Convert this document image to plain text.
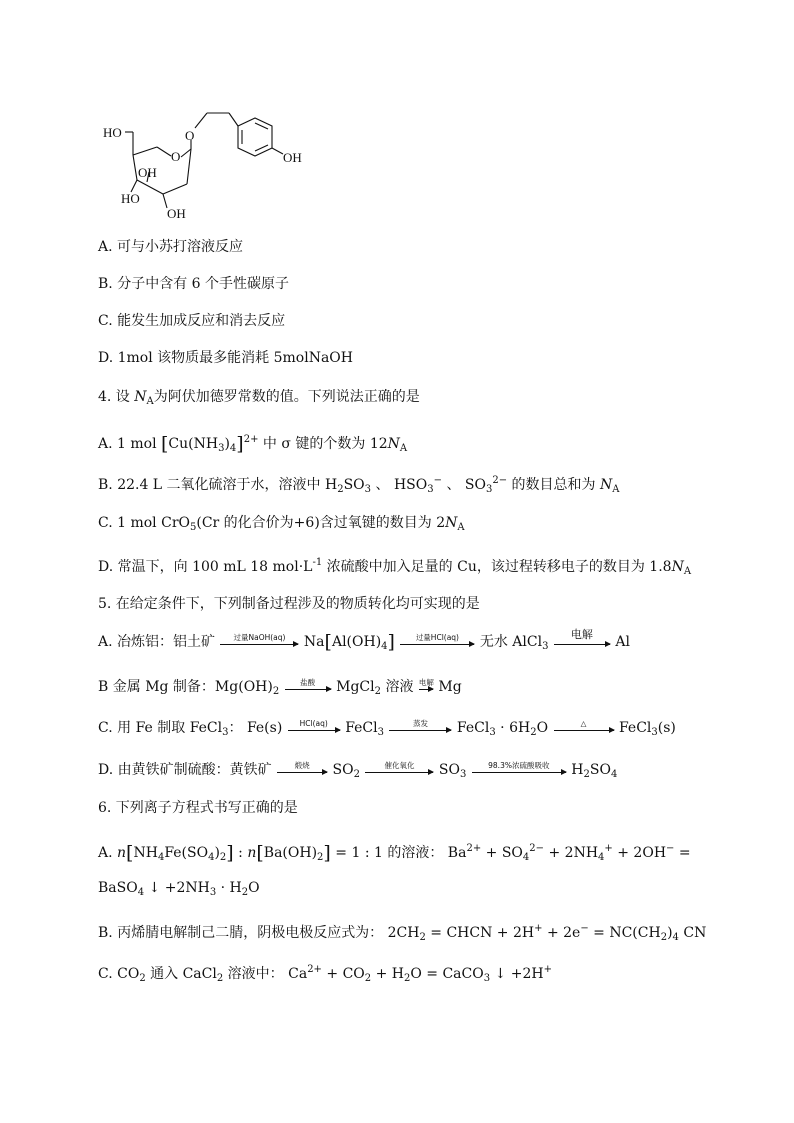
HO
O
O
OH
HO
OH
OH
A. 可与小苏打溶液反应
B. 分子中含有 6 个手性碳原子
C. 能发生加成反应和消去反应
D. 1mol 该物质最多能消耗 5molNaOH
4. 设 $N_A$为阿伏加德罗常数的值。下列说法正确的是
A. 1 mol $[Cu(NH_3)_4]^{2+}$ 中 σ 键的个数为 $12N_A$
B. 22.4 L 二氧化硫溶于水，溶液中 $H_2SO_3$ 、 $HSO_3^-$ 、 $SO_3^{2-}$ 的数目总和为 $N_A$
C. 1 mol CrO$_5$(Cr 的化合价为+6)含过氧键的数目为 $2N_A$
D. 常温下，向 100 mL 18 $mol\cdot L^{-1}$ 浓硫酸中加入足量的 Cu，该过程转移电子的数目为 $1.8N_A$
5. 在给定条件下，下列制备过程涉及的物质转化均可实现的是
A. 冶炼铝：铝土矿	过量NaOH(aq)	$Na[Al(OH)_4]$	过量HCl(aq)	无水 AlCl$_3$
电解	Al
B 金属 Mg 制备：$Mg(OH)_2$
盐酸	MgCl$_2$ 溶液 电解 Mg
C. 用 Fe 制取 FeCl$_3$： Fe(s)	HCl(aq)	FeCl$_3$
蒸发	FeCl$_3$ · $6H_2O$	△	FeCl$_3$(s)
D. 由黄铁矿制硫酸：黄铁矿	煅烧	$SO_2$
催化氧化	$SO_3$
98.3%浓硫酸吸收	$H_2SO_4$
6. 下列离子方程式书写正确的是
A. $n[NH_4Fe(SO_4)_2]$ : $n[Ba(OH)_2] = 1$ : 1 的溶液： $Ba^{2+} + SO_4^{2-} + 2NH_4^+ + 2OH^-$ =
BaSO$_4$ ↓ $+2NH_3 \cdot H_2O$
B. 丙烯腈电解制己二腈，阴极电极反应式为： $2CH_2$ = CHCN + $2H^+ + 2e^- = NC(CH_2)_4$ CN
C. $CO_2$ 通入 CaCl$_2$ 溶液中： $Ca^{2+} + CO_2 + H_2O$ = CaCO$_3$ ↓ +2H+
